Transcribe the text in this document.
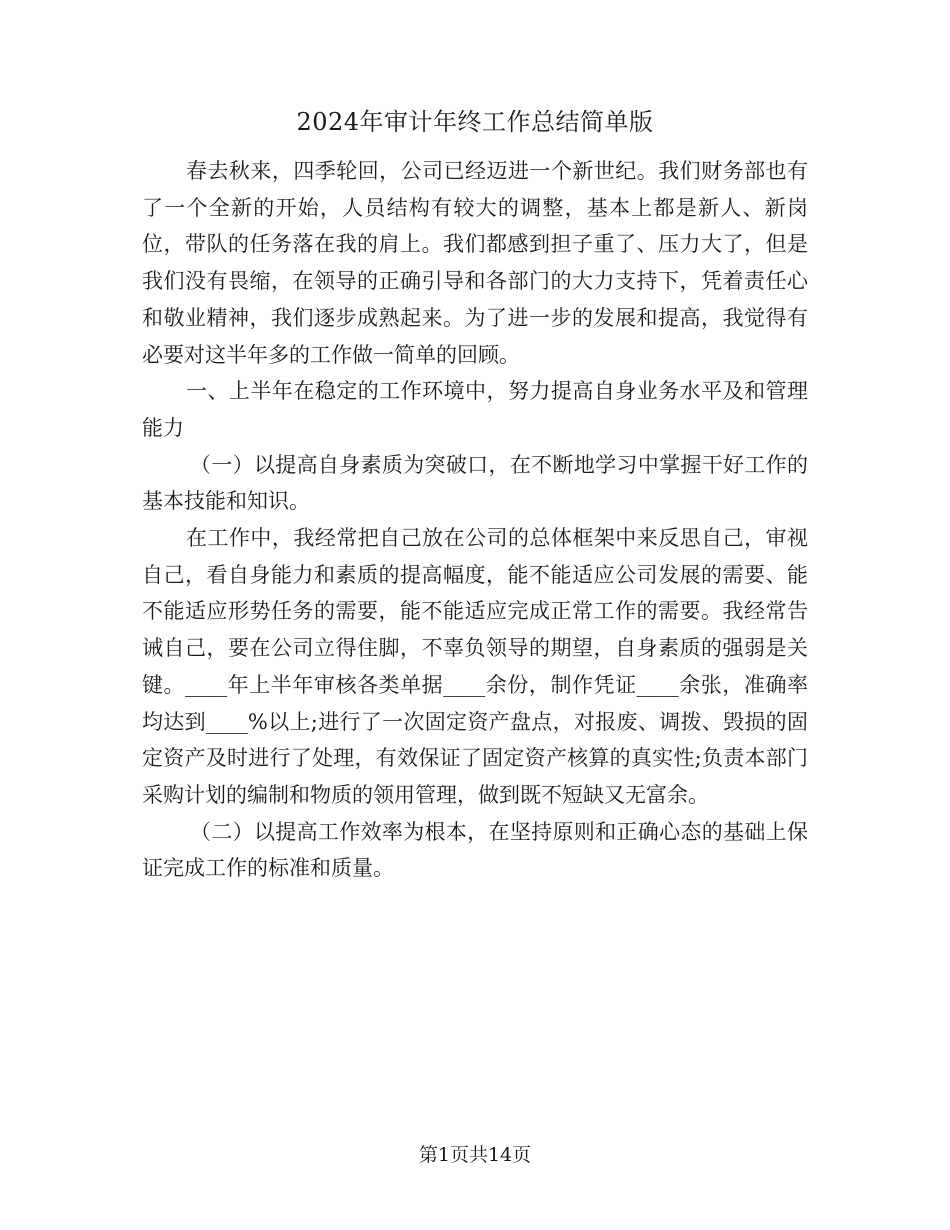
2024年审计年终工作总结简单版

春去秋来，四季轮回，公司已经迈进一个新世纪。我们财务部也有了一个全新的开始，人员结构有较大的调整，基本上都是新人、新岗位，带队的任务落在我的肩上。我们都感到担子重了、压力大了，但是我们没有畏缩，在领导的正确引导和各部门的大力支持下，凭着责任心和敬业精神，我们逐步成熟起来。为了进一步的发展和提高，我觉得有必要对这半年多的工作做一简单的回顾。

一、上半年在稳定的工作环境中，努力提高自身业务水平及和管理能力

（一）以提高自身素质为突破口，在不断地学习中掌握干好工作的基本技能和知识。

在工作中，我经常把自己放在公司的总体框架中来反思自己，审视自己，看自身能力和素质的提高幅度，能不能适应公司发展的需要、能不能适应形势任务的需要，能不能适应完成正常工作的需要。我经常告诫自己，要在公司立得住脚，不辜负领导的期望，自身素质的强弱是关键。____年上半年审核各类单据____余份，制作凭证____余张，准确率均达到____%以上;进行了一次固定资产盘点，对报废、调拨、毁损的固定资产及时进行了处理，有效保证了固定资产核算的真实性;负责本部门采购计划的编制和物质的领用管理，做到既不短缺又无富余。

（二）以提高工作效率为根本，在坚持原则和正确心态的基础上保证完成工作的标准和质量。

第1页共14页
